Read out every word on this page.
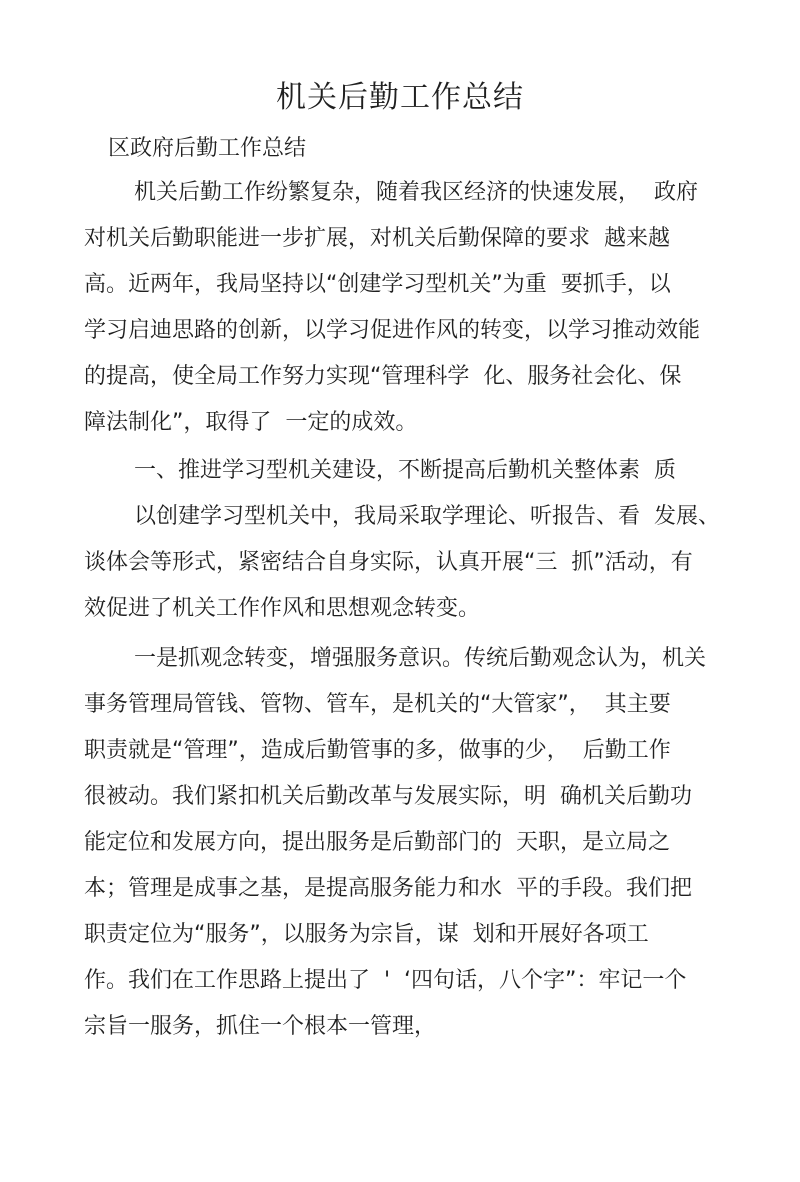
机关后勤工作总结
区政府后勤工作总结
机关后勤工作纷繁复杂，随着我区经济的快速发展，  政府
对机关后勤职能进一步扩展，对机关后勤保障的要求  越来越
高。近两年，我局坚持以“创建学习型机关”为重  要抓手，以
学习启迪思路的创新，以学习促进作风的转变，以学习推动效能
的提高，使全局工作努力实现“管理科学  化、服务社会化、保
障法制化”，取得了  一定的成效。
一、推进学习型机关建设，不断提高后勤机关整体素  质
以创建学习型机关中，我局采取学理论、听报告、看  发展、
谈体会等形式，紧密结合自身实际，认真开展“三  抓”活动，有
效促进了机关工作作风和思想观念转变。
一是抓观念转变，增强服务意识。传统后勤观念认为，机关
事务管理局管钱、管物、管车，是机关的“大管家”，  其主要
职责就是“管理”，造成后勤管事的多，做事的少，  后勤工作
很被动。我们紧扣机关后勤改革与发展实际，明  确机关后勤功
能定位和发展方向，提出服务是后勤部门的  天职，是立局之
本；管理是成事之基，是提高服务能力和水  平的手段。我们把
职责定位为“服务”，以服务为宗旨，谋  划和开展好各项工
作。我们在工作思路上提出了  '  ‘四句话，八个字”：牢记一个
宗旨一服务，抓住一个根本一管理，
